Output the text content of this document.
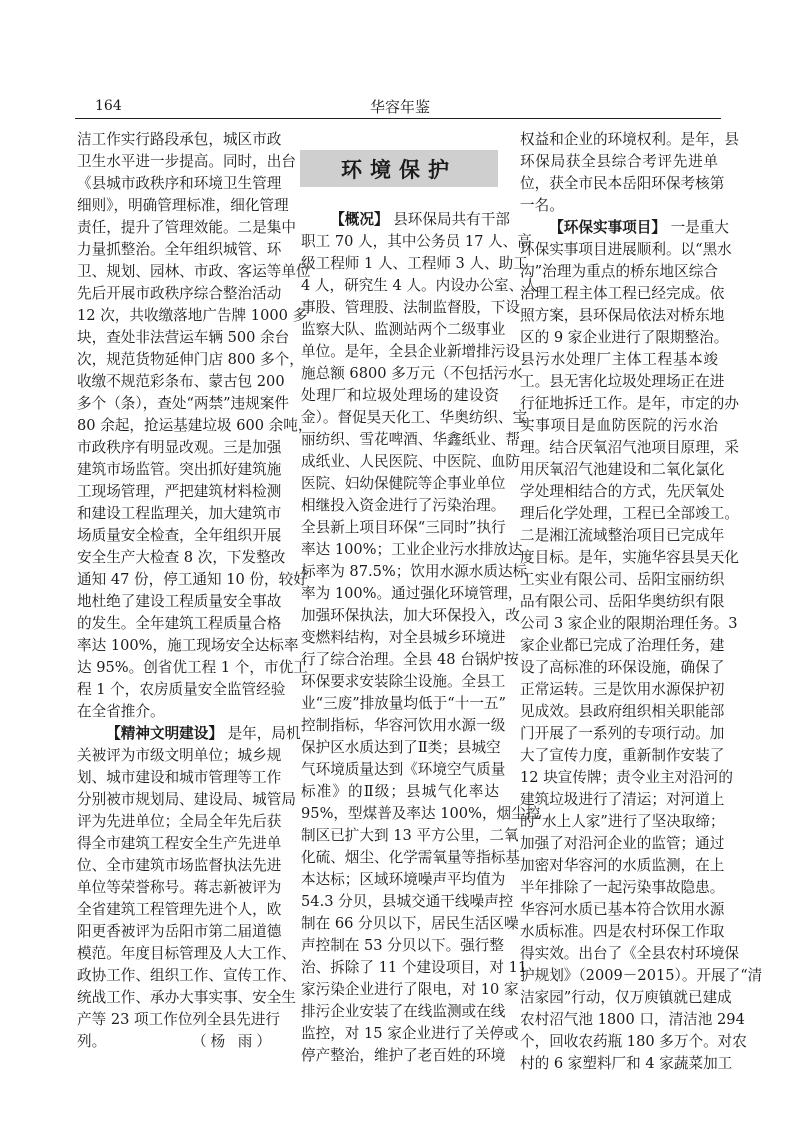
164	华容年鉴
环境保护
洁工作实行路段承包，城区市政
卫生水平进一步提高。同时，出台
《县城市政秩序和环境卫生管理
细则》，明确管理标准，细化管理
责任，提升了管理效能。二是集中
力量抓整治。全年组织城管、环
卫、规划、园林、市政、客运等单位
先后开展市政秩序综合整治活动
12 次，共收缴落地广告牌 1000 多
块，查处非法营运车辆 500 余台
次，规范货物延伸门店 800 多个，
收缴不规范彩条布、蒙古包 200
多个（条），查处“两禁”违规案件
80 余起，抢运基建垃圾 600 余吨，
市政秩序有明显改观。三是加强
建筑市场监管。突出抓好建筑施
工现场管理，严把建筑材料检测
和建设工程监理关，加大建筑市
场质量安全检查，全年组织开展
安全生产大检查 8 次，下发整改
通知 47 份，停工通知 10 份，较好
地杜绝了建设工程质量安全事故
的发生。全年建筑工程质量合格
率达 100%，施工现场安全达标率
达 95%。创省优工程 1 个，市优工
程 1 个，农房质量安全监管经验
在全省推介。
【精神文明建设】 是年，局机
关被评为市级文明单位；城乡规
划、城市建设和城市管理等工作
分别被市规划局、建设局、城管局
评为先进单位；全局全年先后获
得全市建筑工程安全生产先进单
位、全市建筑市场监督执法先进
单位等荣誉称号。蒋志新被评为
全省建筑工程管理先进个人，欧
阳更香被评为岳阳市第二届道德
模范。年度目标管理及人大工作、
政协工作、组织工作、宣传工作、
统战工作、承办大事实事、安全生
产等 23 项工作位列全县先进行
列。	（杨 雨）
【概况】 县环保局共有干部
职工 70 人，其中公务员 17 人、高
级工程师 1 人、工程师 3 人、助工
4 人，研究生 4 人。内设办公室、人
事股、管理股、法制监督股，下设
监察大队、监测站两个二级事业
单位。是年，全县企业新增排污设
施总额 6800 多万元（不包括污水
处理厂和垃圾处理场的建设资
金）。督促昊天化工、华奥纺织、宝
丽纺织、雪花啤酒、华鑫纸业、帮
成纸业、人民医院、中医院、血防
医院、妇幼保健院等企事业单位
相继投入资金进行了污染治理。
全县新上项目环保“三同时”执行
率达 100%；工业企业污水排放达
标率为 87.5%；饮用水源水质达标
率为 100%。通过强化环境管理，
加强环保执法，加大环保投入，改
变燃料结构，对全县城乡环境进
行了综合治理。全县 48 台锅炉按
环保要求安装除尘设施。全县工
业“三废”排放量均低于“十一五”
控制指标，华容河饮用水源一级
保护区水质达到了Ⅱ类；县城空
气环境质量达到《环境空气质量
标准》的Ⅱ级；县城气化率达
95%，型煤普及率达 100%，烟尘控
制区已扩大到 13 平方公里，二氧
化硫、烟尘、化学需氧量等指标基
本达标；区域环境噪声平均值为
54.3 分贝，县城交通干线噪声控
制在 66 分贝以下，居民生活区噪
声控制在 53 分贝以下。强行整
治、拆除了 11 个建设项目，对 11
家污染企业进行了限电，对 10 家
排污企业安装了在线监测或在线
监控，对 15 家企业进行了关停或
停产整治，维护了老百姓的环境
权益和企业的环境权利。是年，县
环保局获全县综合考评先进单
位，获全市民本岳阳环保考核第
一名。
【环保实事项目】 一是重大
环保实事项目进展顺利。以“黑水
沟”治理为重点的桥东地区综合
治理工程主体工程已经完成。依
照方案，县环保局依法对桥东地
区的 9 家企业进行了限期整治。
县污水处理厂主体工程基本竣
工。县无害化垃圾处理场正在进
行征地拆迁工作。是年，市定的办
实事项目是血防医院的污水治
理。结合厌氧沼气池项目原理，采
用厌氧沼气池建设和二氧化氯化
学处理相结合的方式，先厌氧处
理后化学处理，工程已全部竣工。
二是湘江流域整治项目已完成年
度目标。是年，实施华容县昊天化
工实业有限公司、岳阳宝丽纺织
品有限公司、岳阳华奥纺织有限
公司 3 家企业的限期治理任务。3
家企业都已完成了治理任务，建
设了高标准的环保设施，确保了
正常运转。三是饮用水源保护初
见成效。县政府组织相关职能部
门开展了一系列的专项行动。加
大了宣传力度，重新制作安装了
12 块宣传牌；责令业主对沿河的
建筑垃圾进行了清运；对河道上
的“水上人家”进行了坚决取缔；
加强了对沿河企业的监管；通过
加密对华容河的水质监测，在上
半年排除了一起污染事故隐患。
华容河水质已基本符合饮用水源
水质标准。四是农村环保工作取
得实效。出台了《全县农村环境保
护规划》（2009－2015）。开展了“清
洁家园”行动，仅万庾镇就已建成
农村沼气池 1800 口，清洁池 294
个，回收农药瓶 180 多万个。对农
村的 6 家塑料厂和 4 家蔬菜加工
